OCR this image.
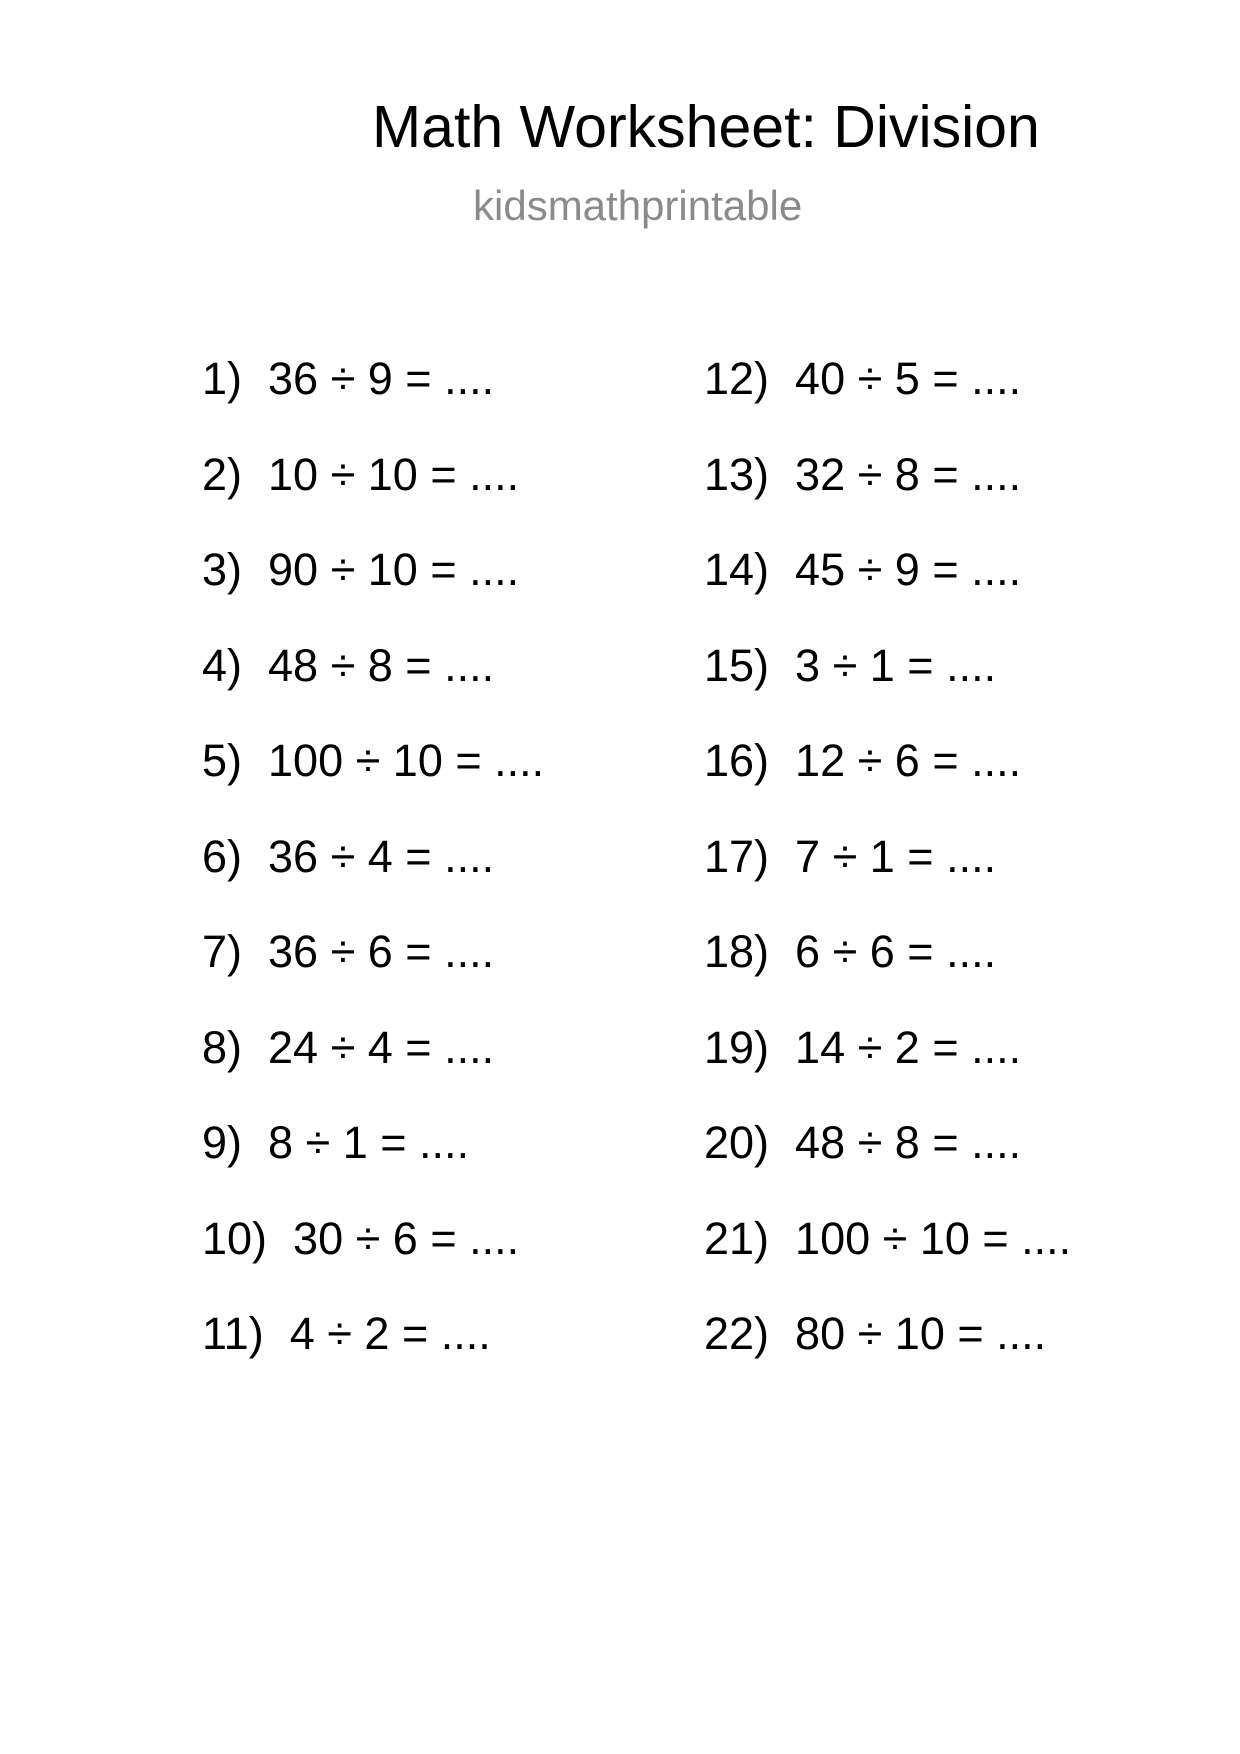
Math Worksheet: Division
kidsmathprintable
1) 36 ÷ 9 = ....
2) 10 ÷ 10 = ....
3) 90 ÷ 10 = ....
4) 48 ÷ 8 = ....
5) 100 ÷ 10 = ....
6) 36 ÷ 4 = ....
7) 36 ÷ 6 = ....
8) 24 ÷ 4 = ....
9) 8 ÷ 1 = ....
10) 30 ÷ 6 = ....
11) 4 ÷ 2 = ....
12) 40 ÷ 5 = ....
13) 32 ÷ 8 = ....
14) 45 ÷ 9 = ....
15) 3 ÷ 1 = ....
16) 12 ÷ 6 = ....
17) 7 ÷ 1 = ....
18) 6 ÷ 6 = ....
19) 14 ÷ 2 = ....
20) 48 ÷ 8 = ....
21) 100 ÷ 10 = ....
22) 80 ÷ 10 = ....
